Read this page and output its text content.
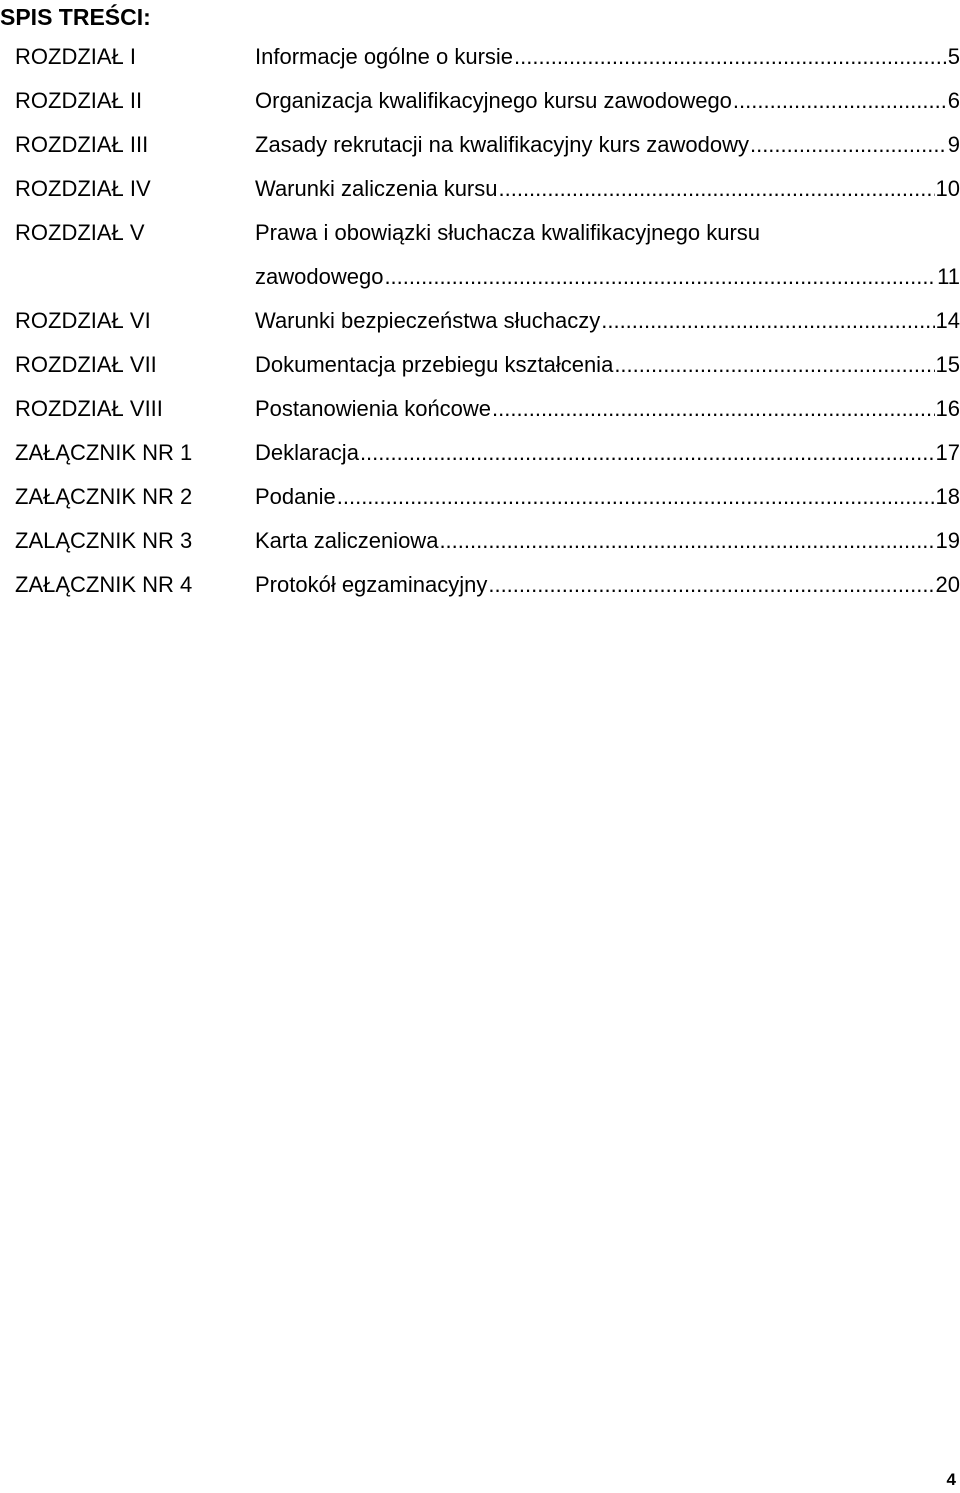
SPIS TREŚCI:
ROZDZIAŁ I	Informacje ogólne o kursie .....	5
ROZDZIAŁ II	Organizacja kwalifikacyjnego kursu zawodowego .....	6
ROZDZIAŁ III	Zasady rekrutacji na kwalifikacyjny kurs zawodowy .....	9
ROZDZIAŁ IV	Warunki zaliczenia kursu .....	10
ROZDZIAŁ V	Prawa i obowiązki słuchacza kwalifikacyjnego kursu
zawodowego .....	11
ROZDZIAŁ VI	Warunki bezpieczeństwa słuchaczy .....	14
ROZDZIAŁ VII	Dokumentacja przebiegu kształcenia .....	15
ROZDZIAŁ VIII	Postanowienia końcowe .....	16
ZAŁĄCZNIK NR 1	Deklaracja .....	17
ZAŁĄCZNIK NR 2	Podanie .....	18
ZALĄCZNIK NR 3	Karta zaliczeniowa .....	19
ZAŁĄCZNIK NR 4	Protokół egzaminacyjny .....	20
4
